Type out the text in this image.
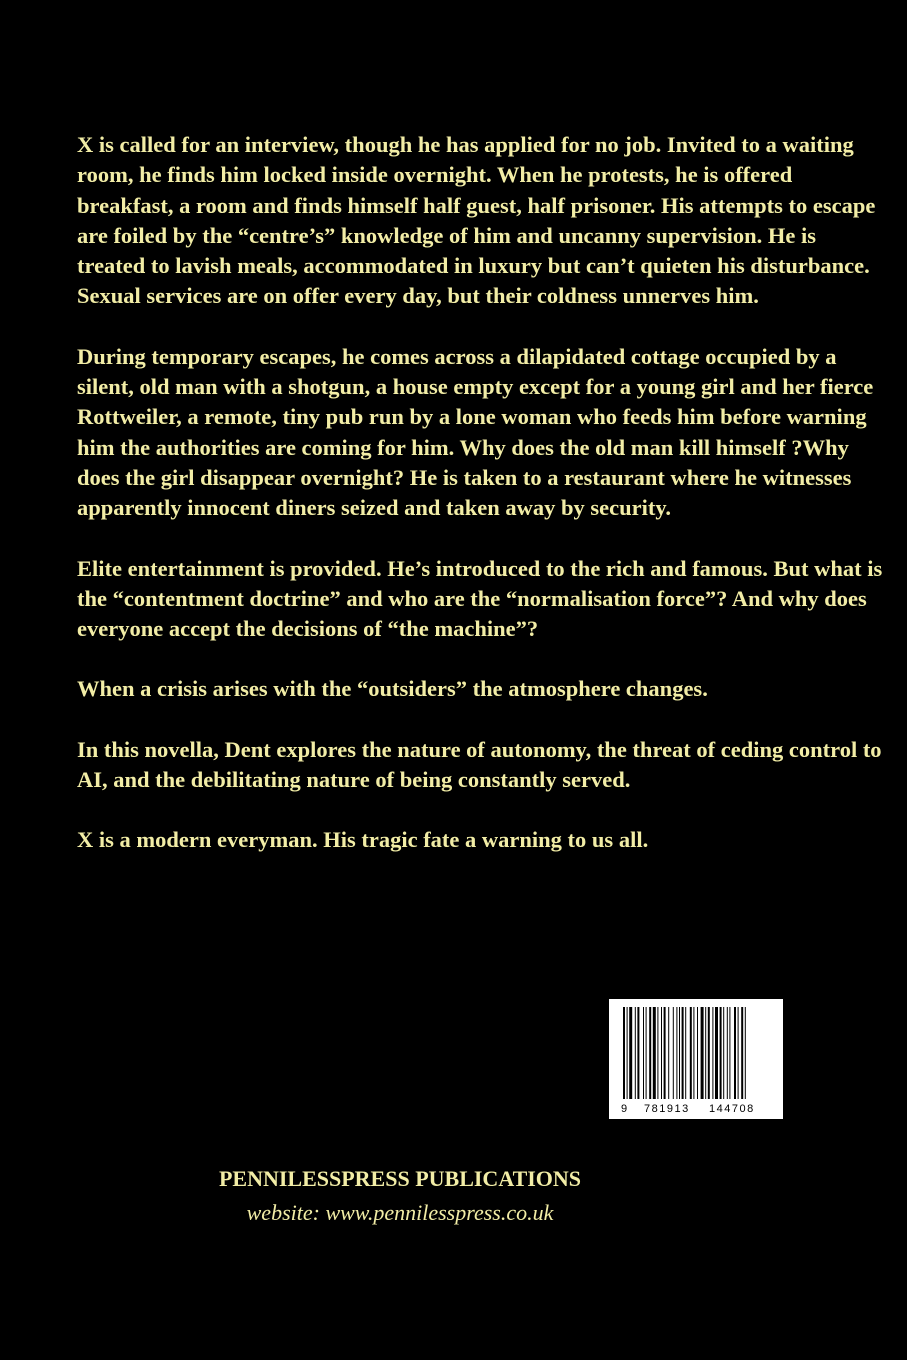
X is called for an interview, though he has applied for no job. Invited to a waiting room, he finds him locked inside overnight. When he protests, he is offered breakfast, a room and finds himself half guest, half prisoner. His attempts to escape are foiled by the “centre’s” knowledge of him and uncanny supervision. He is treated to lavish meals, accommodated in luxury but can’t quieten his disturbance. Sexual services are on offer every day, but their coldness unnerves him.

During temporary escapes, he comes across a dilapidated cottage occupied by a silent, old man with a shotgun, a house empty except for a young girl and her fierce Rottweiler, a remote, tiny pub run by a lone woman who feeds him before warning him the authorities are coming for him. Why does the old man kill himself ?Why does the girl disappear overnight? He is taken to a restaurant where he witnesses apparently innocent diners seized and taken away by security.

Elite entertainment is provided. He’s introduced to the rich and famous. But what is the “contentment doctrine” and who are the “normalisation force”? And why does everyone accept the decisions of “the machine”?

When a crisis arises with the “outsiders” the atmosphere changes.

In this novella, Dent explores the nature of autonomy, the threat of ceding control to AI, and the debilitating nature of being constantly served.

X is a modern everyman. His tragic fate a warning to us all.

9 781913 144708
PENNILESSPRESS PUBLICATIONS
website: www.pennilesspress.co.uk
